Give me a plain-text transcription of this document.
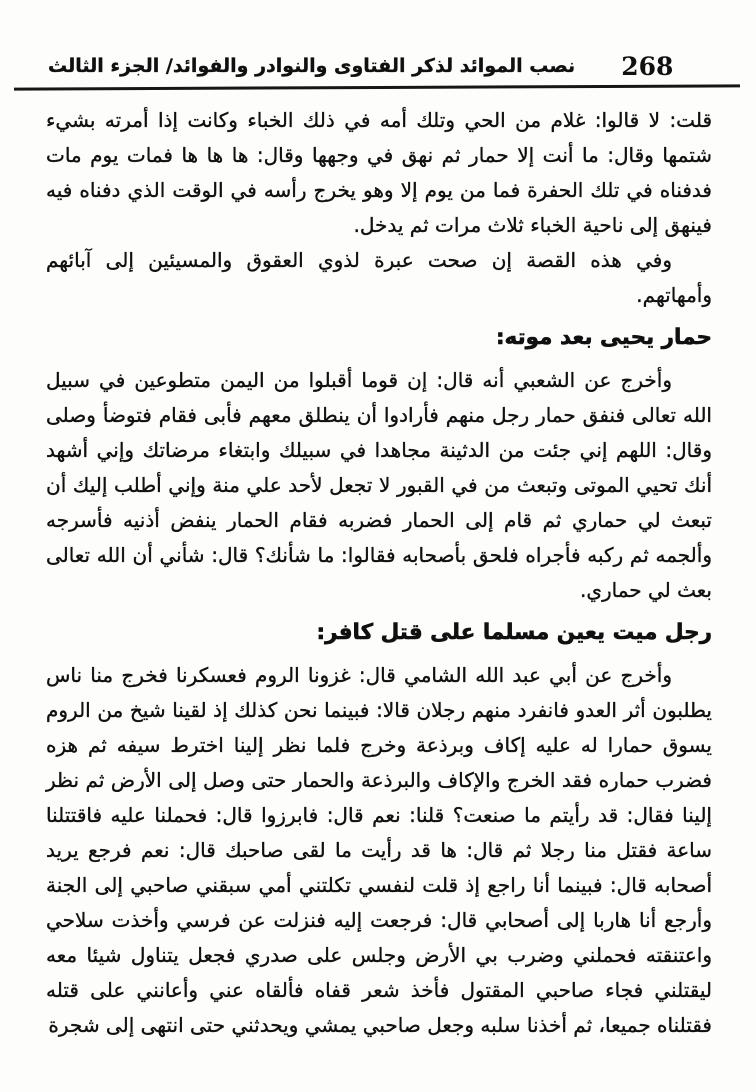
نصب الموائد لذكر الفتاوى والنوادر والفوائد/ الجزء الثالث 268

قلت: لا قالوا: غلام من الحي وتلك أمه في ذلك الخباء وكانت إذا أمرته بشيء شتمها وقال: ما أنت إلا حمار ثم نهق في وجهها وقال: ها ها ها فمات يوم مات فدفناه في تلك الحفرة فما من يوم إلا وهو يخرج رأسه في الوقت الذي دفناه فيه فينهق إلى ناحية الخباء ثلاث مرات ثم يدخل.

وفي هذه القصة إن صحت عبرة لذوي العقوق والمسيئين إلى آبائهم وأمهاتهم.

حمار يحيى بعد موته:

وأخرج عن الشعبي أنه قال: إن قوما أقبلوا من اليمن متطوعين في سبيل الله تعالى فنفق حمار رجل منهم فأرادوا أن ينطلق معهم فأبى فقام فتوضأ وصلى وقال: اللهم إني جئت من الدثينة مجاهدا في سبيلك وابتغاء مرضاتك وإني أشهد أنك تحيي الموتى وتبعث من في القبور لا تجعل لأحد علي منة وإني أطلب إليك أن تبعث لي حماري ثم قام إلى الحمار فضربه فقام الحمار ينفض أذنيه فأسرجه وألجمه ثم ركبه فأجراه فلحق بأصحابه فقالوا: ما شأنك؟ قال: شأني أن الله تعالى بعث لي حماري.

رجل ميت يعين مسلما على قتل كافر:

وأخرج عن أبي عبد الله الشامي قال: غزونا الروم فعسكرنا فخرج منا ناس يطلبون أثر العدو فانفرد منهم رجلان قالا: فبينما نحن كذلك إذ لقينا شيخ من الروم يسوق حمارا له عليه إكاف وبرذعة وخرج فلما نظر إلينا اخترط سيفه ثم هزه فضرب حماره فقد الخرج والإكاف والبرذعة والحمار حتى وصل إلى الأرض ثم نظر إلينا فقال: قد رأيتم ما صنعت؟ قلنا: نعم قال: فابرزوا قال: فحملنا عليه فاقتتلنا ساعة فقتل منا رجلا ثم قال: ها قد رأيت ما لقى صاحبك قال: نعم فرجع يريد أصحابه قال: فبينما أنا راجع إذ قلت لنفسي تكلتني أمي سبقني صاحبي إلى الجنة وأرجع أنا هاربا إلى أصحابي قال: فرجعت إليه فنزلت عن فرسي وأخذت سلاحي واعتنقته فحملني وضرب بي الأرض وجلس على صدري فجعل يتناول شيئا معه ليقتلني فجاء صاحبي المقتول فأخذ شعر قفاه فألقاه عني وأعانني على قتله فقتلناه جميعا، ثم أخذنا سلبه وجعل صاحبي يمشي ويحدثني حتى انتهى إلى شجرة
